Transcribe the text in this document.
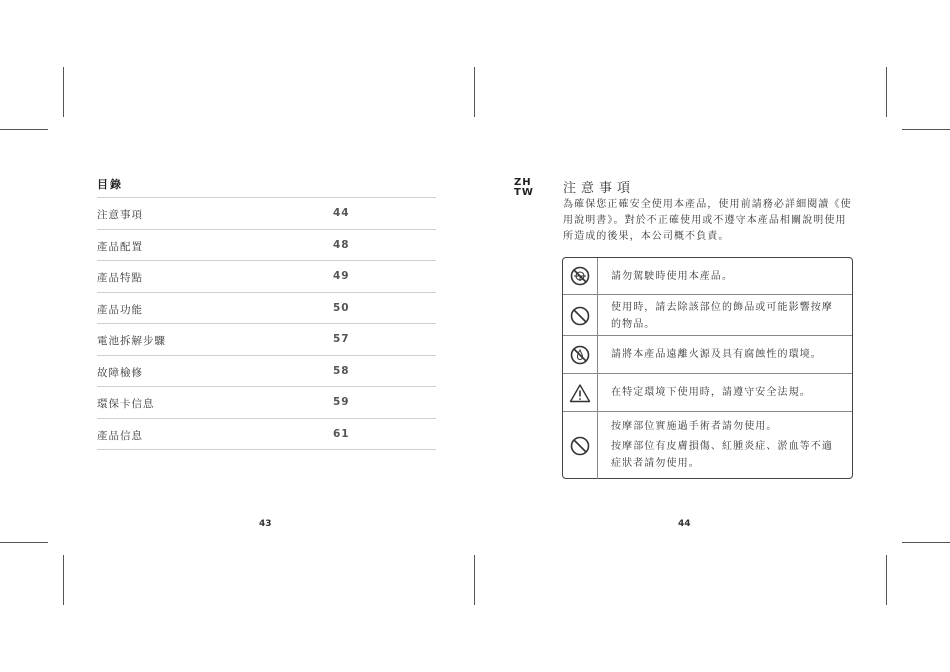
目錄
注意事項	44
產品配置	48
產品特點	49
產品功能	50
電池拆解步驟	57
故障檢修	58
環保卡信息	59
產品信息	61
43
ZH
TW 注意事項
為確保您正確安全使用本產品，使用前請務必詳細閱讀《使用說明書》。對於不正確使用或不遵守本產品相關說明使用所造成的後果，本公司概不負責。
請勿駕駛時使用本產品。
使用時，請去除該部位的飾品或可能影響按摩的物品。
請將本產品遠離火源及具有腐蝕性的環境。
在特定環境下使用時，請遵守安全法規。

按摩部位實施過手術者請勿使用。

按摩部位有皮膚損傷、紅腫炎症、淤血等不適症狀者請勿使用。

44
